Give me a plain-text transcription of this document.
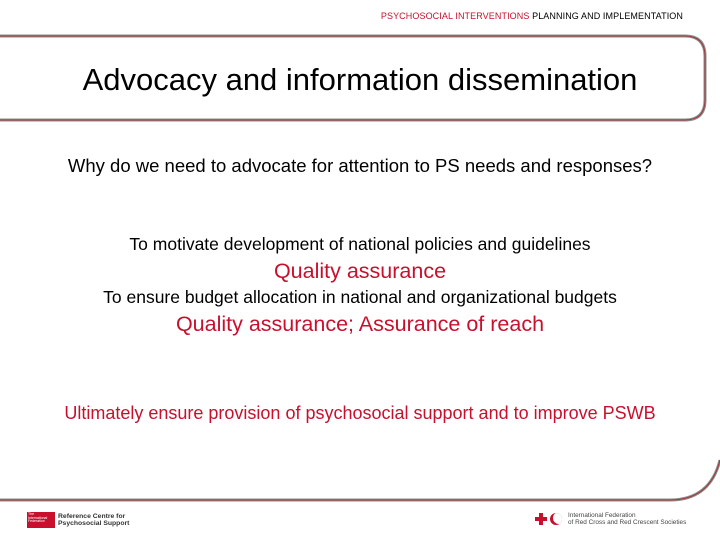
PSYCHOSOCIAL INTERVENTIONS PLANNING AND IMPLEMENTATION
Advocacy and information dissemination
Why do we need to advocate for attention to PS needs and responses?
To motivate development of national policies and guidelines
Quality assurance
To ensure budget allocation in national and organizational budgets
Quality assurance; Assurance of reach
Ultimately ensure provision of psychosocial support and to improve PSWB
The International Federation
Reference Centre for
Psychosocial Support
International Federation
of Red Cross and Red Crescent Societies
